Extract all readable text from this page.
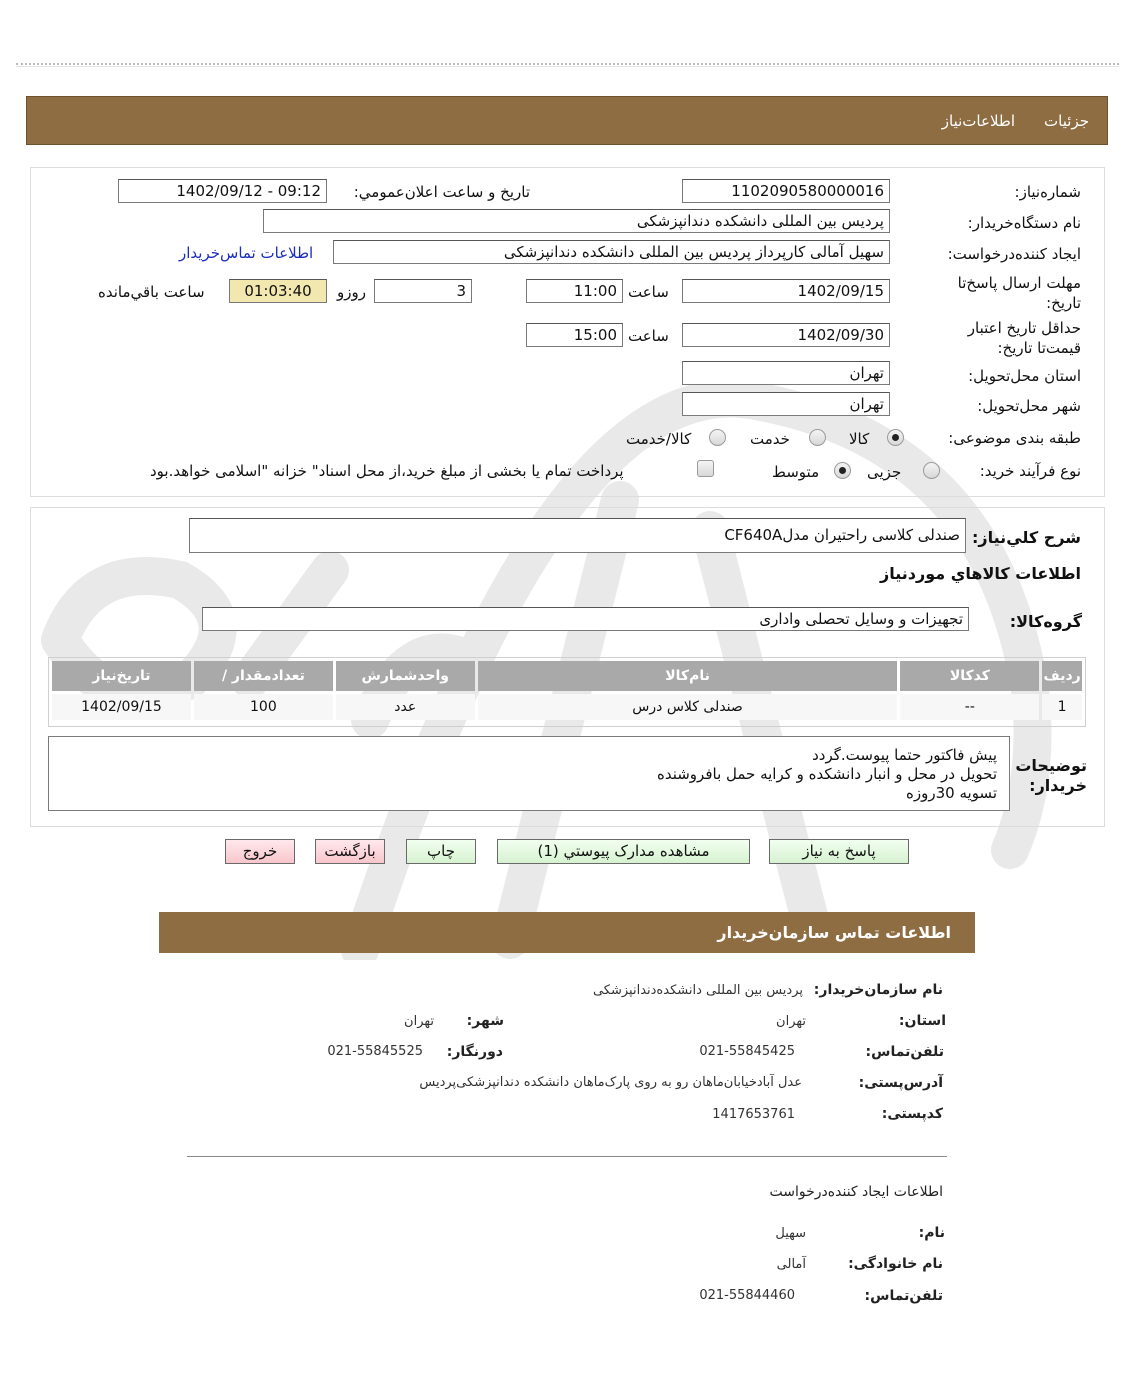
جزئیات
اطلاعات‌نیاز
شماره‌نیاز:
1102090580000016
تاریخ و ساعت اعلان‌عمومي:
1402/09/12 - 09:12
نام دستگاه‌خریدار:
پردیس بین المللی دانشکده دندانپزشکی
ایجاد کننده‌درخواست:
سهیل آمالی کارپرداز پردیس بین المللی دانشکده دندانپزشکی
اطلاعات تماس‌خریدار
مهلت ارسال پاسخ‌تا تاریخ:
1402/09/15
ساعت
11:00
3
روزو
01:03:40
ساعت باقي‌مانده
حداقل تاریخ اعتبار قیمت‌تا تاریخ:
1402/09/30
ساعت
15:00
استان محل‌تحویل:
تهران
شهر محل‌تحویل:
تهران
طبقه بندی موضوعی:
کالا
خدمت
کالا/خدمت
نوع فرآیند خرید:
جزیی
متوسط
پرداخت تمام یا بخشی از مبلغ خرید،از محل اسناد" خزانه "اسلامی خواهد.بود
شرح کلي‌نیاز:
صندلی کلاسی راحتیران مدلCF640A
اطلاعات کالاهاي موردنیاز
گروه‌کالا:
تجهیزات و وسایل تحصلی واداری
ردیف	کدکالا	نام‌کالا	واحدشمارش	تعدادمقدار /	تاریخ‌نیاز
1	--	صندلی کلاس درس	عدد	100	1402/09/15
توضیحات خریدار:
پیش فاکتور حتما پیوست.گردد
تحویل در محل و انبار دانشکده و کرایه حمل بافروشنده
تسویه 30روزه
پاسخ به نیاز
مشاهده مدارک پیوستي (1)
چاپ
بازگشت
خروج
اطلاعات تماس سازمان‌خریدار
نام سازمان‌خریدار:
پردیس بین المللی دانشکده‌دندانپزشکی
استان:
تهران
شهر:
تهران
تلفن‌تماس:
021-55845425
دورنگار:
021-55845525
آدرس‌پستی:
عدل آباد‌خیابان‌ماهان رو به روی پارک‌ماهان دانشکده دندانپزشکی‌پردیس
کد‌پستی:
1417653761
اطلاعات ایجاد کننده‌درخواست
نام:
سهیل
نام خانوادگی:
آمالی
تلفن‌تماس:
021-55844460
